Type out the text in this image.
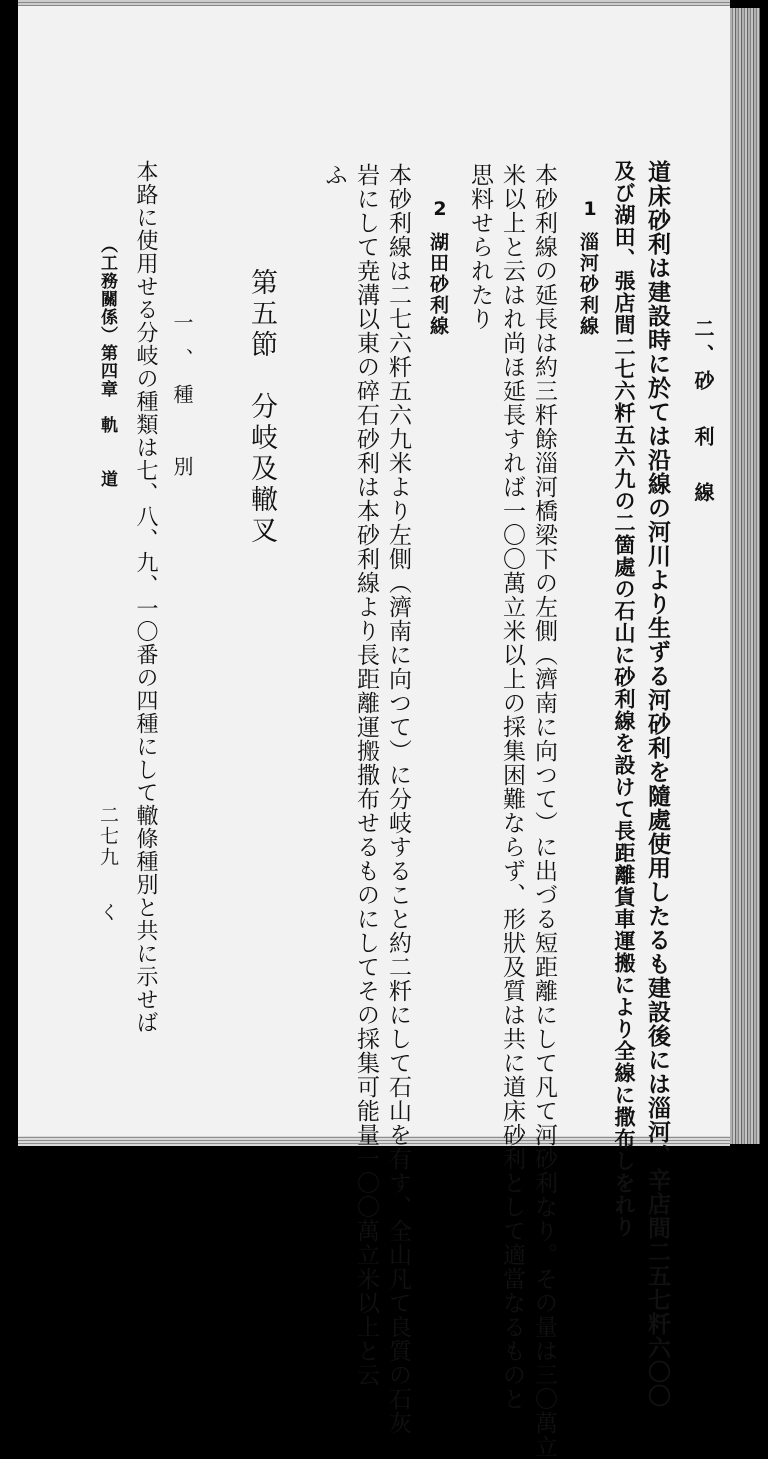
二、砂 利 線
道床砂利は建設時に於ては沿線の河川より生ずる河砂利を隨處使用したるも建設後には淄河、辛店間二五七粁六〇〇
及び湖田、張店間二七六粁五六九の二箇處の石山に砂利線を設けて長距離貨車運搬により全線に撒布しをれり
1
淄河砂利線
本砂利線の延長は約三粁餘淄河橋梁下の左側（濟南に向つて）に出づる短距離にして凡て河砂利なり。その量は三〇萬立
米以上と云はれ尚ほ延長すれば一〇〇萬立米以上の採集困難ならず、形狀及質は共に道床砂利として適當なるものと
思料せられたり
2
湖田砂利線
本砂利線は二七六粁五六九米より左側（濟南に向つて）に分岐すること約二粁にして石山を有す、全山凡て良質の石灰
岩にして尭溝以東の碎石砂利は本砂利線より長距離運搬撒布せるものにしてその採集可能量一〇〇萬立米以上と云
ふ
第五節　分岐及轍叉
一、種　別
本路に使用せる分岐の種類は七、八、九、一〇番の四種にして轍條種別と共に示せば
（工務關係）第四章　軌　　道
二七九
く
